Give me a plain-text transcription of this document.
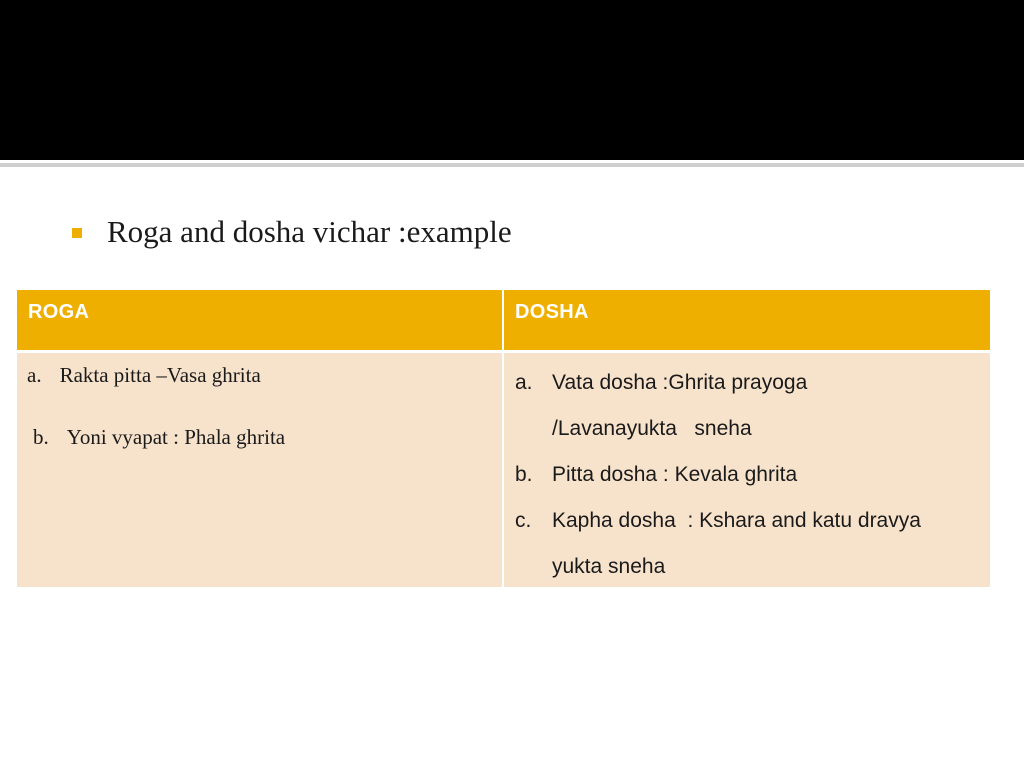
Roga and dosha vichar :example
ROGA	DOSHA
a. Rakta pitta –Vasa ghrita
b. Yoni vyapat : Phala ghrita
a. Vata dosha :Ghrita prayoga
/Lavanayukta   sneha
b. Pitta dosha : Kevala ghrita
c. Kapha dosha  : Kshara and katu dravya
yukta sneha
